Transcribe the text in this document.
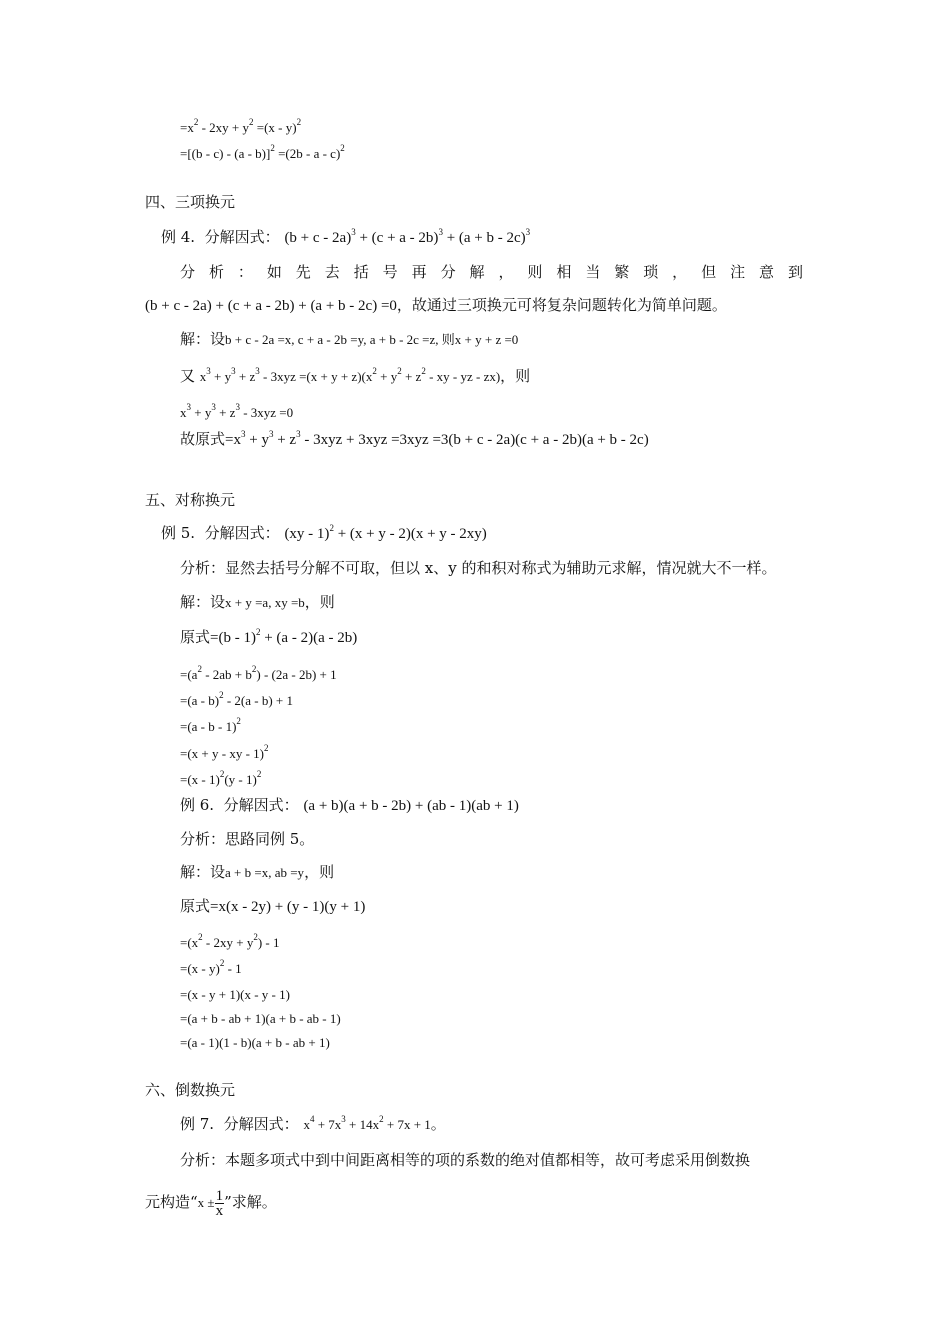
$=x^2 - 2xy + y^2 =(x - y)^2$
=[(b - c) - (a - b)]$^2$ =(2b - a - c)$^2$
四、三项换元
例 4. 分解因式： $(b + c - 2a)^3 + (c + a - 2b)^3 + (a + b - 2c)^3$
分 析 ： 如 先 去 括 号 再 分 解 ， 则 相 当 繁 琐 ， 但 注 意 到
(b + c - 2a) + (c + a - 2b) + (a + b - 2c) =0，故通过三项换元可将复杂问题转化为简单问题。
解：设b + c - 2a =x, c + a - 2b =y, a + b - 2c =z, 则x + y + z =0
又 $x^3 + y^3 + z^3 - 3xyz =(x + y + z)(x^2 + y^2 + z^2$ - xy - yz - zx)，则
$x^3 + y^3 + z^3 - 3xyz =0$
故原式$=x^3 + y^3 + z^3 - 3xyz + 3xyz =3xyz =3(b + c - 2a)(c + a - 2b)(a + b - 2c)$
五、对称换元
例 5. 分解因式： (xy - 1)$^2$ + (x + y - 2)(x + y - 2xy)
分析：显然去括号分解不可取，但以 x、y 的和积对称式为辅助元求解，情况就大不一样。
解：设x + y =a, xy =b，则
原式=(b - 1)$^2$ + (a - 2)(a - 2b)
$=(a^2 - 2ab + b^2) - (2a - 2b) + 1$
=(a - b)$^2$ - 2(a - b) + 1
=(a - b - 1)$^2$
=(x + y - xy - 1)$^2$
=(x - 1)$^2$(y - 1)$^2$
例 6. 分解因式： (a + b)(a + b - 2b) + (ab - 1)(ab + 1)
分析：思路同例 5。
解：设a + b =x, ab =y，则
原式=x(x - 2y) + (y - 1)(y + 1)
$=(x^2 - 2xy + y^2) - 1$
=(x - y)$^2$ - 1
=(x - y + 1)(x - y - 1)
=(a + b - ab + 1)(a + b - ab - 1)
=(a - 1)(1 - b)(a + b - ab + 1)
六、倒数换元
例 7. 分解因式： $x^4 + 7x^3 + 14x^2 + 7x + 1$。
分析：本题多项式中到中间距离相等的项的系数的绝对值都相等，故可考虑采用倒数换
元构造“$x \pm \frac{1}{x}$ ”求解。
